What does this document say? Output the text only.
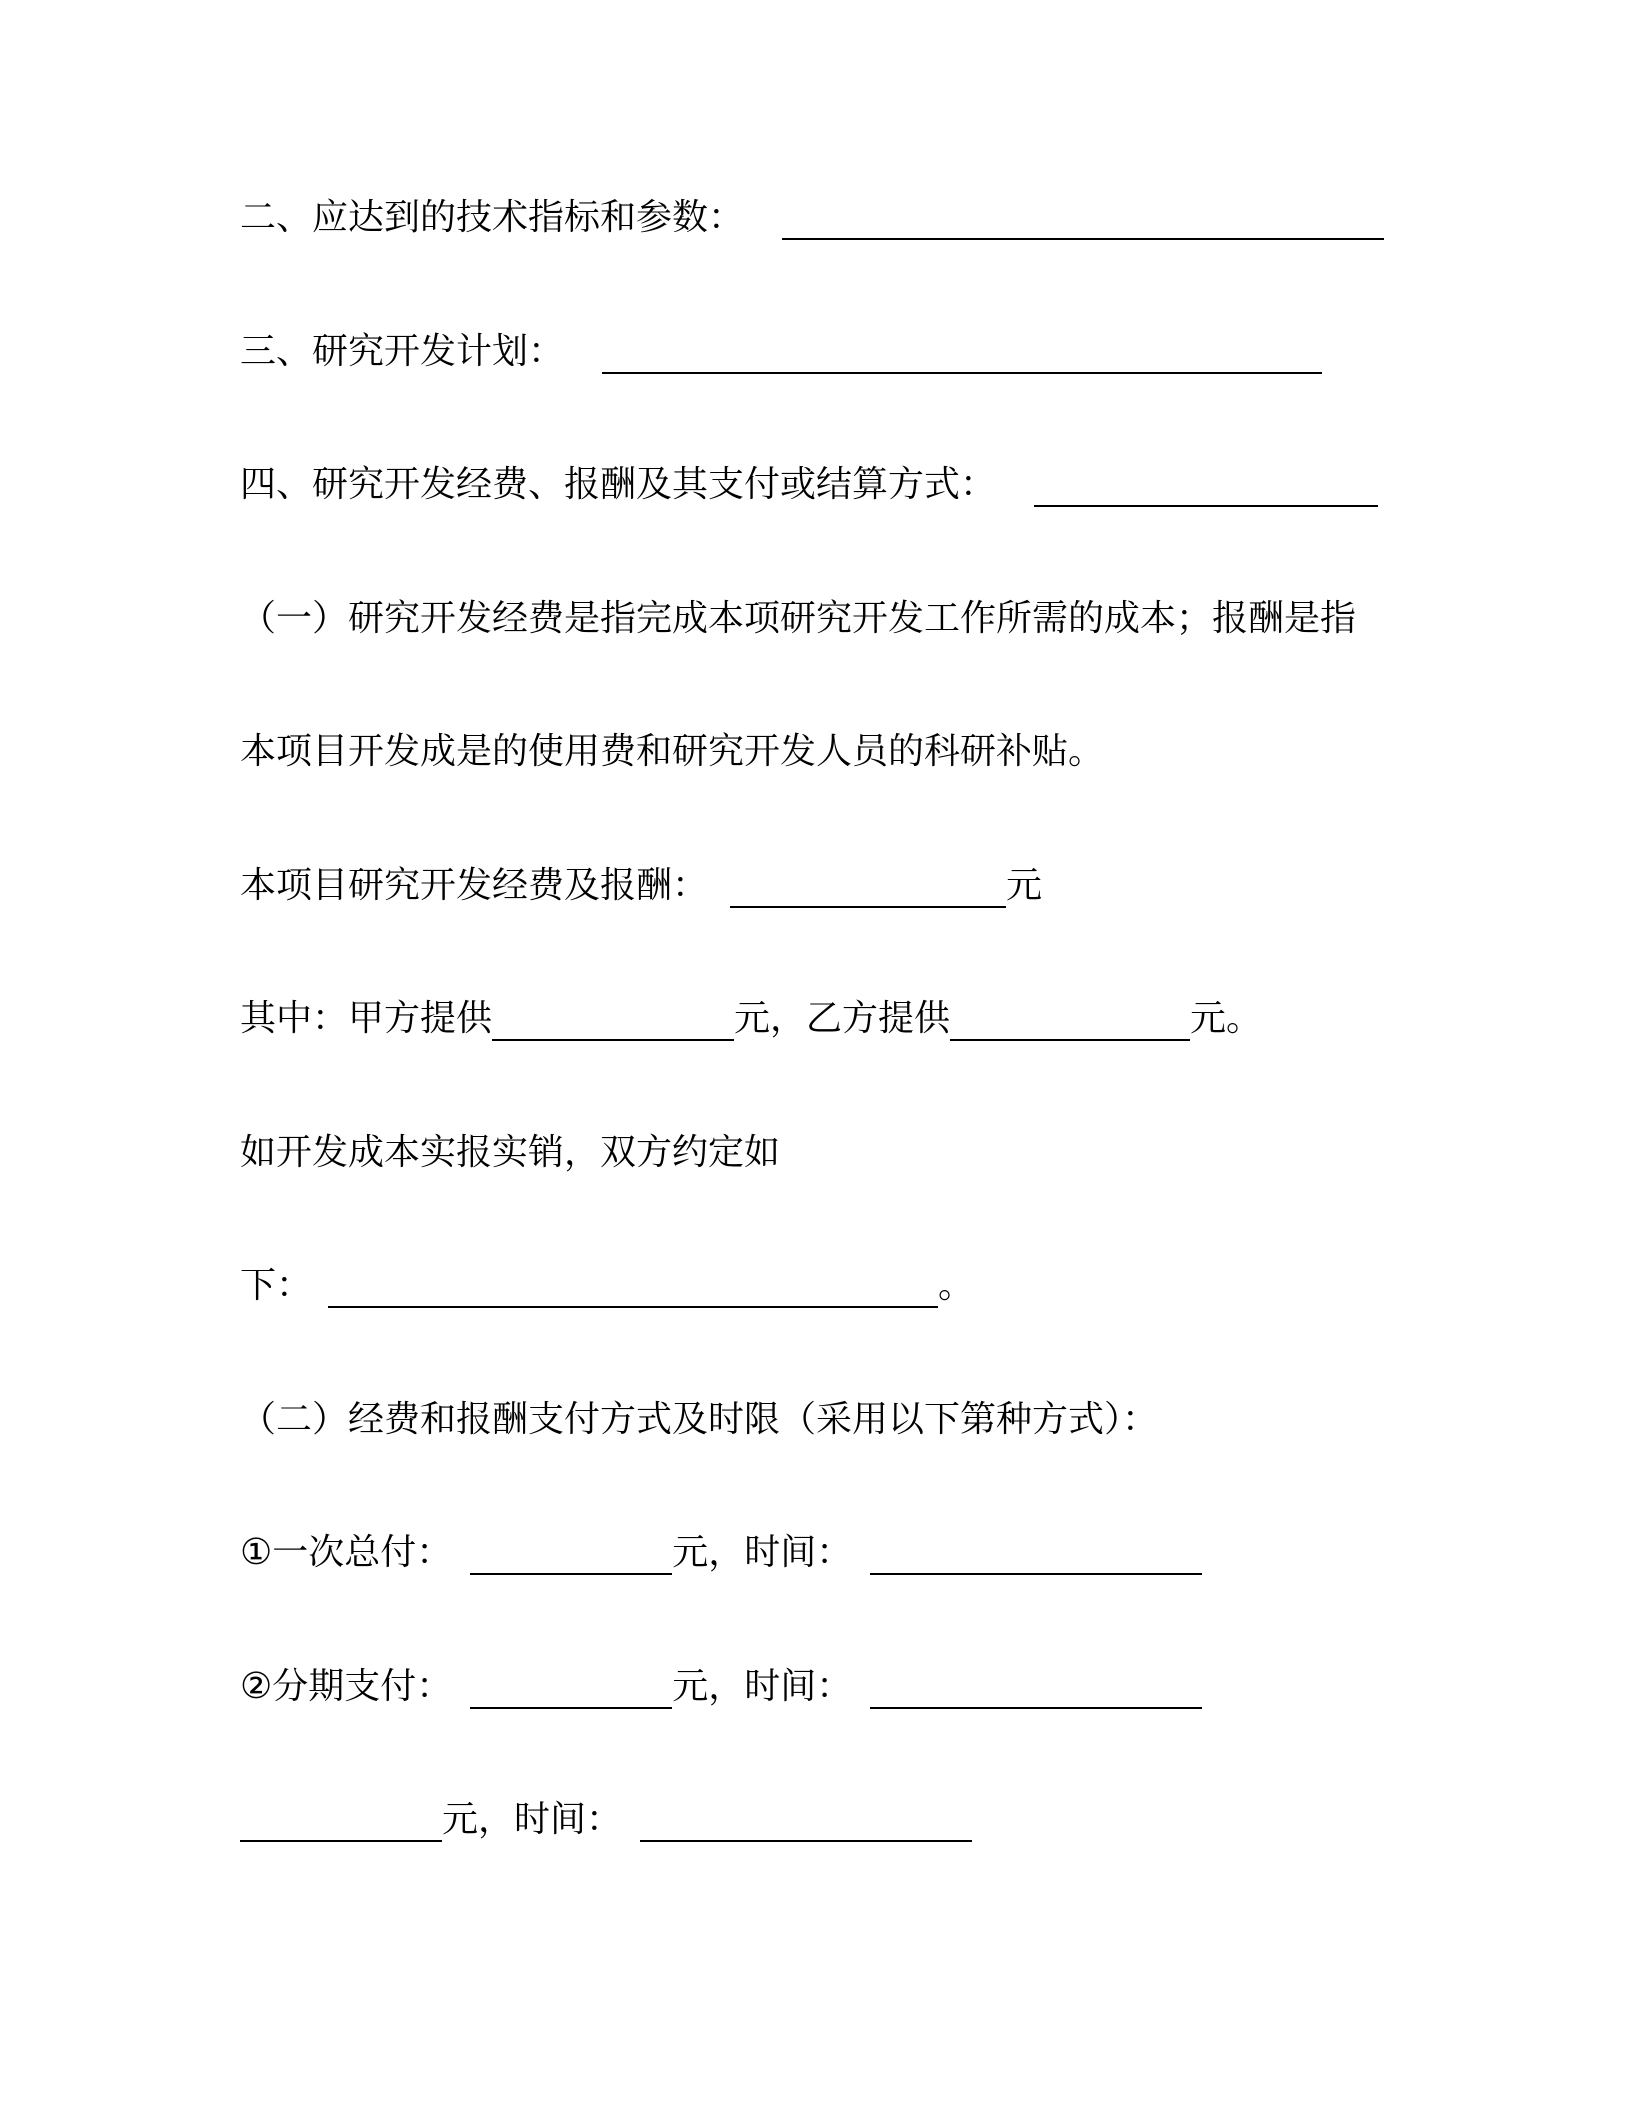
二、应达到的技术指标和参数：
三、研究开发计划：
四、研究开发经费、报酬及其支付或结算方式：
（一）研究开发经费是指完成本项研究开发工作所需的成本；报酬是指
本项目开发成是的使用费和研究开发人员的科研补贴。
本项目研究开发经费及报酬：	元
其中：甲方提供	元，乙方提供	元。
如开发成本实报实销，双方约定如
下：	。
（二）经费和报酬支付方式及时限（采用以下第种方式）：
①一次总付：	元，时间：
②分期支付：	元，时间：
元，时间：
